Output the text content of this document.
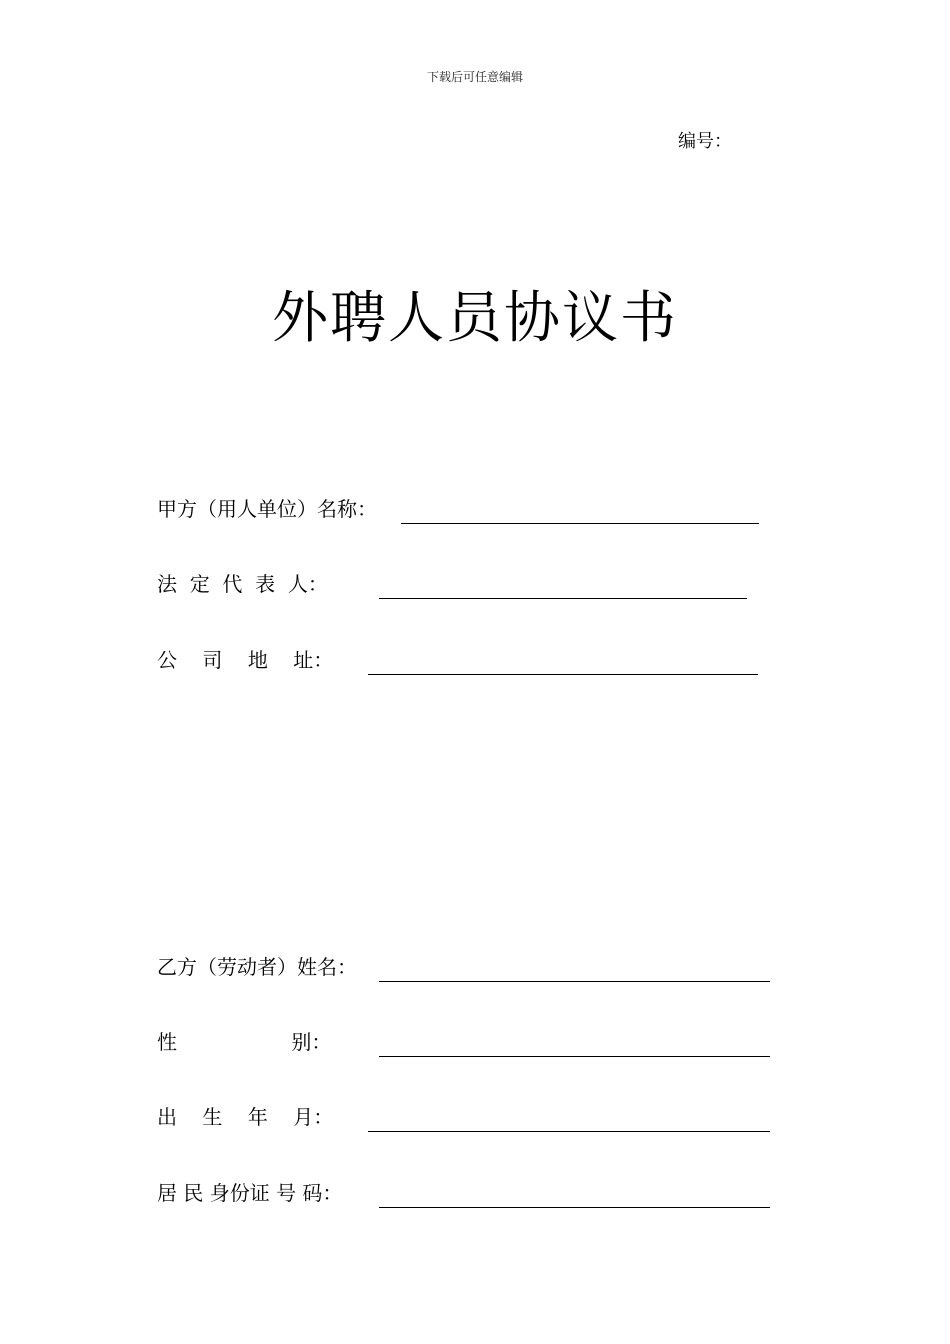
下载后可任意编辑
编号：
外聘人员协议书
甲方（用人单位）名称：
法  定  代  表  人：
公    司    地    址：
乙方（劳动者）姓名：
性                  别：
出    生    年    月：
居 民 身份证 号 码：
